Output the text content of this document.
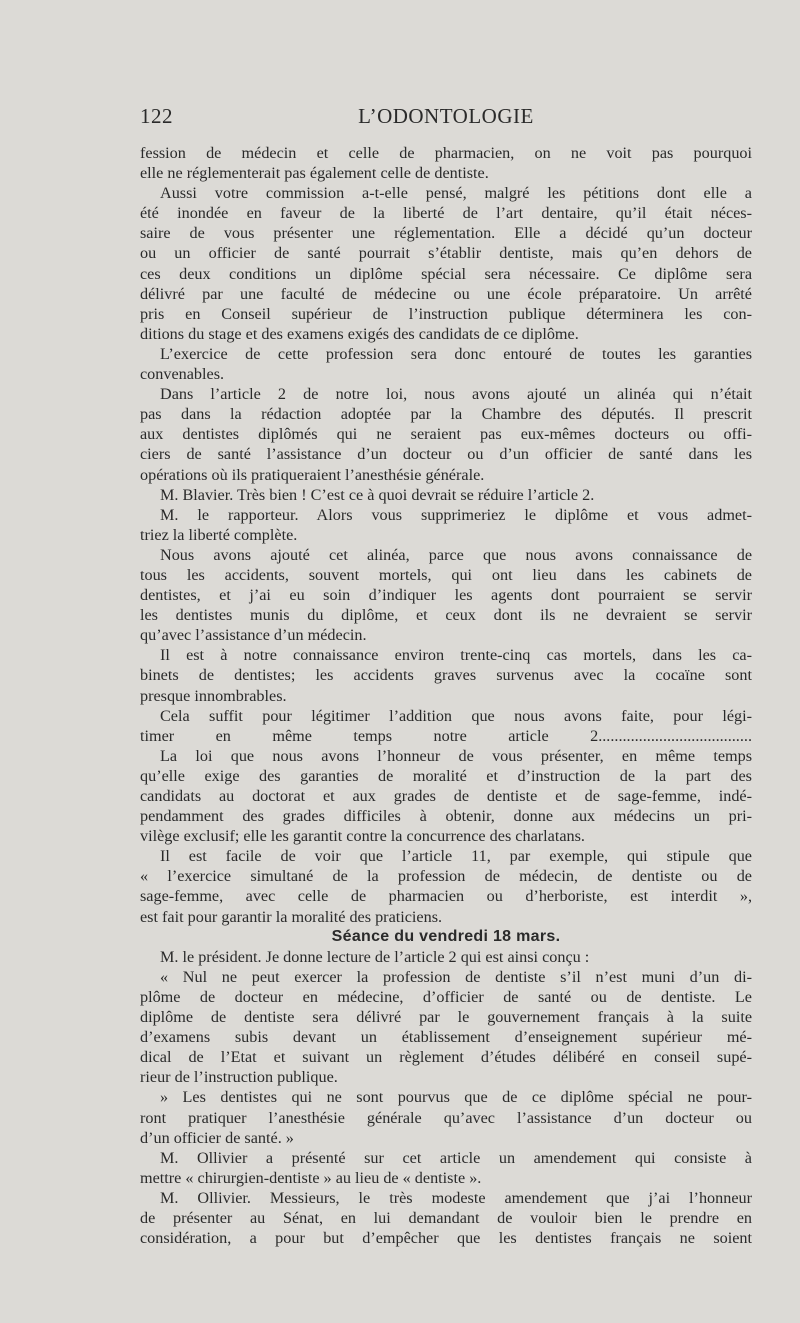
122	L’ODONTOLOGIE
fession de médecin et celle de pharmacien, on ne voit pas pourquoi
elle ne réglementerait pas également celle de dentiste.
Aussi votre commission a-t-elle pensé, malgré les pétitions dont elle a
été inondée en faveur de la liberté de l’art dentaire, qu’il était néces-
saire de vous présenter une réglementation. Elle a décidé qu’un docteur
ou un officier de santé pourrait s’établir dentiste, mais qu’en dehors de
ces deux conditions un diplôme spécial sera nécessaire. Ce diplôme sera
délivré par une faculté de médecine ou une école préparatoire. Un arrêté
pris en Conseil supérieur de l’instruction publique déterminera les con-
ditions du stage et des examens exigés des candidats de ce diplôme.
L’exercice de cette profession sera donc entouré de toutes les garanties
convenables.
Dans l’article 2 de notre loi, nous avons ajouté un alinéa qui n’était
pas dans la rédaction adoptée par la Chambre des députés. Il prescrit
aux dentistes diplômés qui ne seraient pas eux-mêmes docteurs ou offi-
ciers de santé l’assistance d’un docteur ou d’un officier de santé dans les
opérations où ils pratiqueraient l’anesthésie générale.
M. Blavier. Très bien ! C’est ce à quoi devrait se réduire l’article 2.
M. le rapporteur. Alors vous supprimeriez le diplôme et vous admet-
triez la liberté complète.
Nous avons ajouté cet alinéa, parce que nous avons connaissance de
tous les accidents, souvent mortels, qui ont lieu dans les cabinets de
dentistes, et j’ai eu soin d’indiquer les agents dont pourraient se servir
les dentistes munis du diplôme, et ceux dont ils ne devraient se servir
qu’avec l’assistance d’un médecin.
Il est à notre connaissance environ trente-cinq cas mortels, dans les ca-
binets de dentistes; les accidents graves survenus avec la cocaïne sont
presque innombrables.
Cela suffit pour légitimer l’addition que nous avons faite, pour légi-
timer en même temps notre article 2......................................
La loi que nous avons l’honneur de vous présenter, en même temps
qu’elle exige des garanties de moralité et d’instruction de la part des
candidats au doctorat et aux grades de dentiste et de sage-femme, indé-
pendamment des grades difficiles à obtenir, donne aux médecins un pri-
vilège exclusif; elle les garantit contre la concurrence des charlatans.
Il est facile de voir que l’article 11, par exemple, qui stipule que
« l’exercice simultané de la profession de médecin, de dentiste ou de
sage-femme, avec celle de pharmacien ou d’herboriste, est interdit »,
est fait pour garantir la moralité des praticiens.
Séance du vendredi 18 mars.
M. le président. Je donne lecture de l’article 2 qui est ainsi conçu :
« Nul ne peut exercer la profession de dentiste s’il n’est muni d’un di-
plôme de docteur en médecine, d’officier de santé ou de dentiste. Le
diplôme de dentiste sera délivré par le gouvernement français à la suite
d’examens subis devant un établissement d’enseignement supérieur mé-
dical de l’Etat et suivant un règlement d’études délibéré en conseil supé-
rieur de l’instruction publique.
» Les dentistes qui ne sont pourvus que de ce diplôme spécial ne pour-
ront pratiquer l’anesthésie générale qu’avec l’assistance d’un docteur ou
d’un officier de santé. »
M. Ollivier a présenté sur cet article un amendement qui consiste à
mettre « chirurgien-dentiste » au lieu de « dentiste ».
M. Ollivier. Messieurs, le très modeste amendement que j’ai l’honneur
de présenter au Sénat, en lui demandant de vouloir bien le prendre en
considération, a pour but d’empêcher que les dentistes français ne soient
